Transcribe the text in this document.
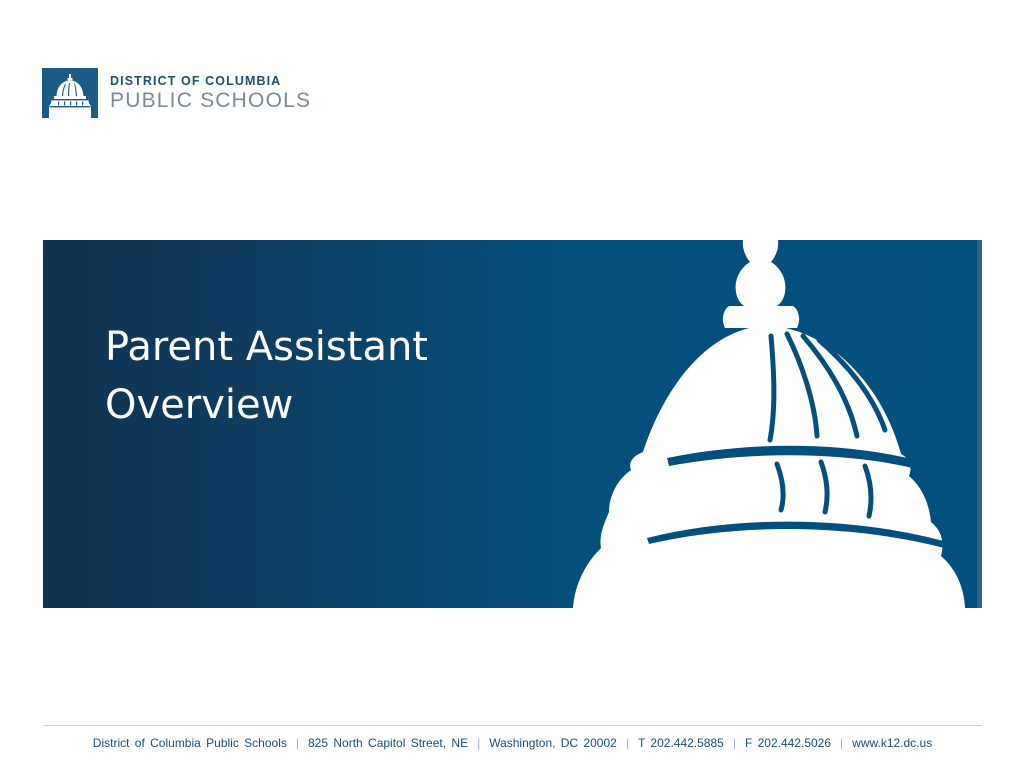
DISTRICT OF COLUMBIA
PUBLIC SCHOOLS
Parent Assistant
Overview
District of Columbia Public Schools | 825 North Capitol Street, NE | Washington, DC 20002 | T 202.442.5885 | F 202.442.5026 | www.k12.dc.us
